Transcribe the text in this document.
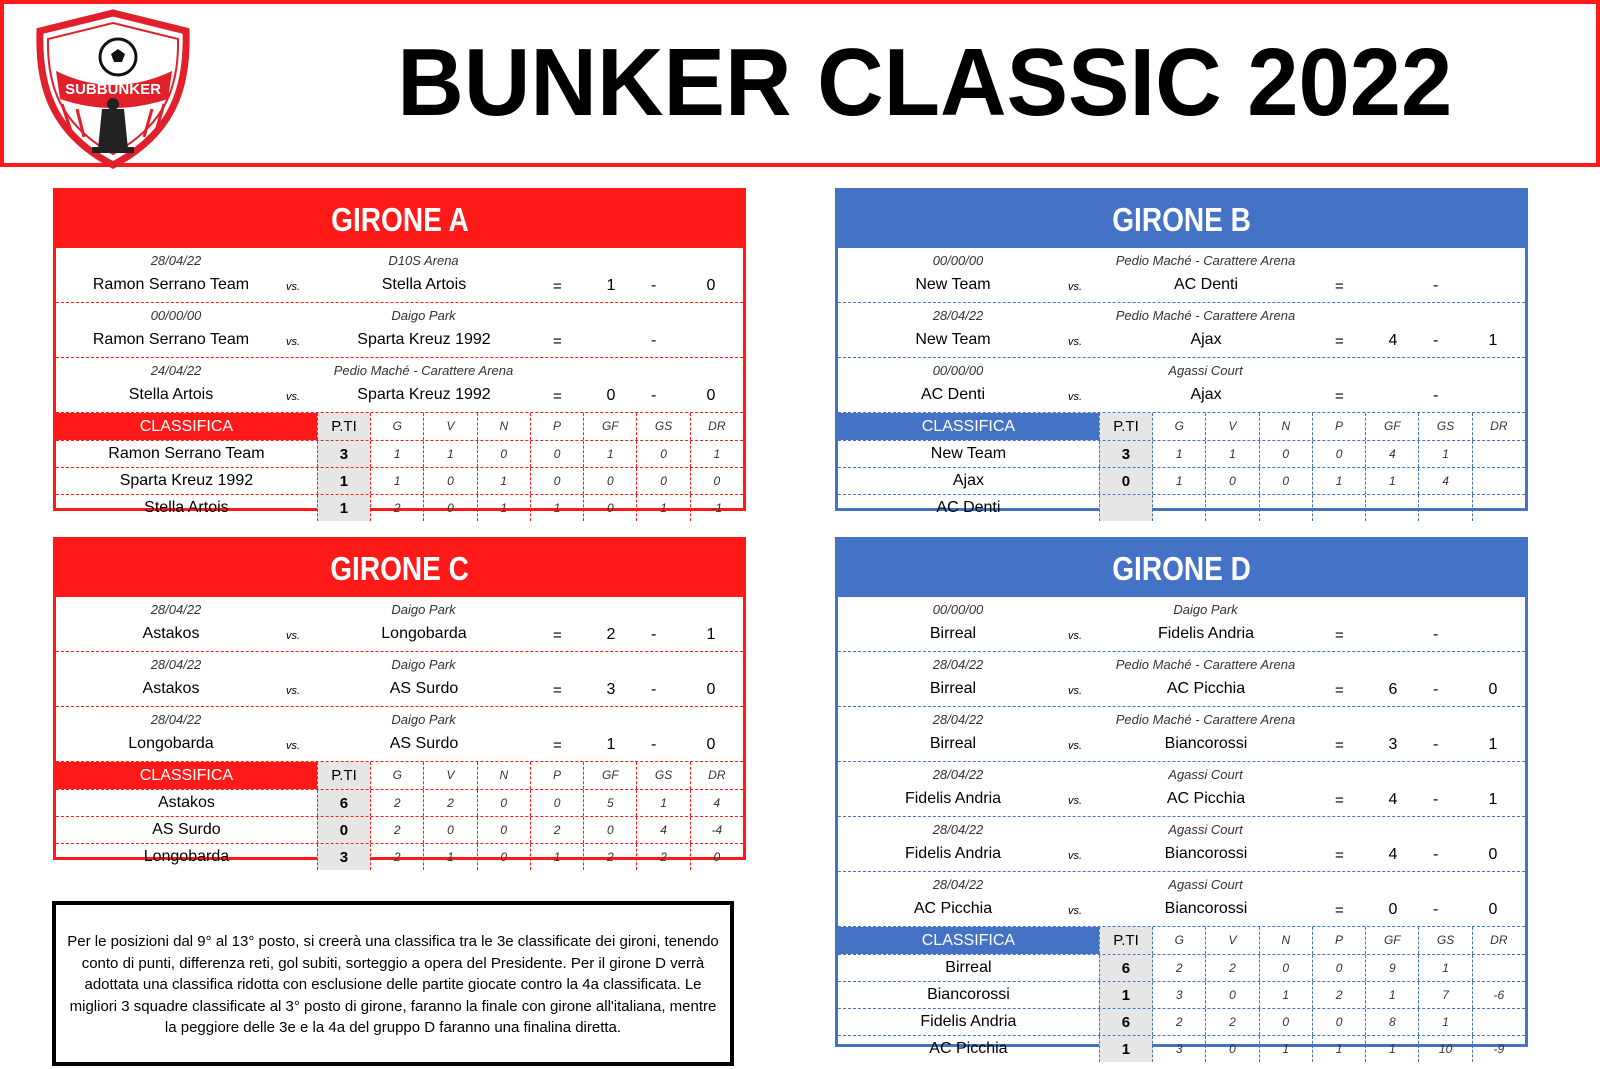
SUBBUNKER	BUNKER CLASSIC 2022
GIRONE A
28/04/22	D10S Arena
Ramon Serrano Team	vs.	Stella Artois	=	1	-	0
00/00/00	Daigo Park
Ramon Serrano Team	vs.	Sparta Kreuz 1992	=	-
24/04/22	Pedio Maché - Carattere Arena
Stella Artois	vs.	Sparta Kreuz 1992	=	0	-	0
CLASSIFICA	P.TI	G	V	N	P	GF	GS	DR
Ramon Serrano Team	3	1	1	0	0	1	0	1
Sparta Kreuz 1992	1	1	0	1	0	0	0	0
Stella Artois	1	2	0	1	1	0	1	-1
GIRONE B
00/00/00	Pedio Maché - Carattere Arena
New Team	vs.	AC Denti	=	-
28/04/22	Pedio Maché - Carattere Arena
New Team	vs.	Ajax	=	4	-	1
00/00/00	Agassi Court
AC Denti	vs.	Ajax	=	-
CLASSIFICA	P.TI	G	V	N	P	GF	GS	DR
New Team	3	1	1	0	0	4	1
Ajax	0	1	0	0	1	1	4
AC Denti
GIRONE C
28/04/22	Daigo Park
Astakos	vs.	Longobarda	=	2	-	1
28/04/22	Daigo Park
Astakos	vs.	AS Surdo	=	3	-	0
28/04/22	Daigo Park
Longobarda	vs.	AS Surdo	=	1	-	0
CLASSIFICA	P.TI	G	V	N	P	GF	GS	DR
Astakos	6	2	2	0	0	5	1	4
AS Surdo	0	2	0	0	2	0	4	-4
Longobarda	3	2	1	0	1	2	2	0
GIRONE D
00/00/00	Daigo Park
Birreal	vs.	Fidelis Andria	=	-
28/04/22	Pedio Maché - Carattere Arena
Birreal	vs.	AC Picchia	=	6	-	0
28/04/22	Pedio Maché - Carattere Arena
Birreal	vs.	Biancorossi	=	3	-	1
28/04/22	Agassi Court
Fidelis Andria	vs.	AC Picchia	=	4	-	1
28/04/22	Agassi Court
Fidelis Andria	vs.	Biancorossi	=	4	-	0
28/04/22	Agassi Court
AC Picchia	vs.	Biancorossi	=	0	-	0
CLASSIFICA	P.TI	G	V	N	P	GF	GS	DR
Birreal	6	2	2	0	0	9	1
Biancorossi	1	3	0	1	2	1	7	-6
Fidelis Andria	6	2	2	0	0	8	1
AC Picchia	1	3	0	1	1	1	10	-9
Per le posizioni dal 9° al 13° posto, si creerà una classifica tra le 3e classificate dei gironi, tenendo conto di punti, differenza reti, gol subiti, sorteggio a opera del Presidente. Per il girone D verrà adottata una classifica ridotta con esclusione delle partite giocate contro la 4a classificata. Le migliori 3 squadre classificate al 3° posto di girone, faranno la finale con girone all'italiana, mentre la peggiore delle 3e e la 4a del gruppo D faranno una finalina diretta.
